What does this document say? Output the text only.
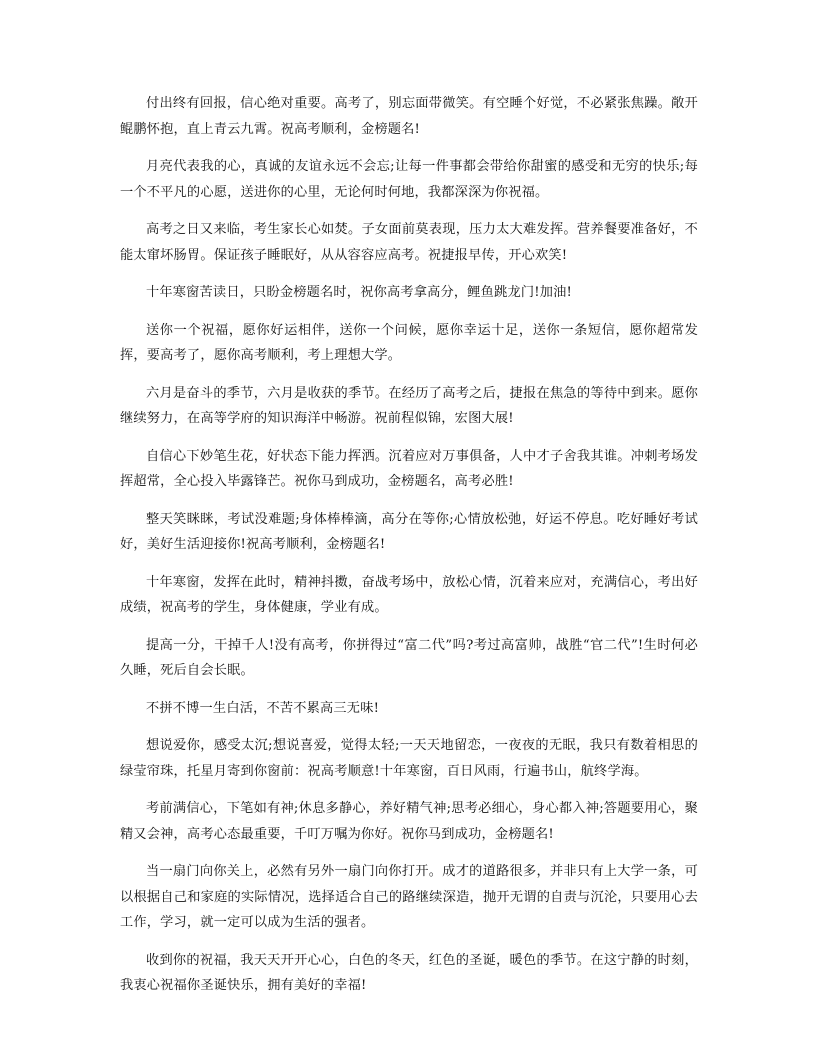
付出终有回报，信心绝对重要。高考了，别忘面带微笑。有空睡个好觉，不必紧张焦躁。敞开鲲鹏怀抱，直上青云九霄。祝高考顺利，金榜题名!

月亮代表我的心，真诚的友谊永远不会忘;让每一件事都会带给你甜蜜的感受和无穷的快乐;每一个不平凡的心愿，送进你的心里，无论何时何地，我都深深为你祝福。

高考之日又来临，考生家长心如焚。子女面前莫表现，压力太大难发挥。营养餐要准备好，不能太窜坏肠胃。保证孩子睡眠好，从从容容应高考。祝捷报早传，开心欢笑!

十年寒窗苦读日，只盼金榜题名时，祝你高考拿高分，鲤鱼跳龙门!加油!

送你一个祝福，愿你好运相伴，送你一个问候，愿你幸运十足，送你一条短信，愿你超常发挥，要高考了，愿你高考顺利，考上理想大学。

六月是奋斗的季节，六月是收获的季节。在经历了高考之后，捷报在焦急的等待中到来。愿你继续努力，在高等学府的知识海洋中畅游。祝前程似锦，宏图大展!

自信心下妙笔生花，好状态下能力挥洒。沉着应对万事俱备，人中才子舍我其谁。冲刺考场发挥超常，全心投入毕露锋芒。祝你马到成功，金榜题名，高考必胜!

整天笑眯眯，考试没难题;身体棒棒滴，高分在等你;心情放松弛，好运不停息。吃好睡好考试好，美好生活迎接你!祝高考顺利，金榜题名!

十年寒窗，发挥在此时，精神抖擞，奋战考场中，放松心情，沉着来应对，充满信心，考出好成绩，祝高考的学生，身体健康，学业有成。

提高一分，干掉千人!没有高考，你拼得过“富二代”吗?考过高富帅，战胜“官二代”!生时何必久睡，死后自会长眠。

不拼不博一生白活，不苦不累高三无味!

想说爱你，感受太沉;想说喜爱，觉得太轻;一天天地留恋，一夜夜的无眠，我只有数着相思的绿莹帘珠，托星月寄到你窗前：祝高考顺意!十年寒窗，百日风雨，行遍书山，航终学海。

考前满信心，下笔如有神;休息多静心，养好精气神;思考必细心，身心都入神;答题要用心，聚精又会神，高考心态最重要，千叮万嘱为你好。祝你马到成功，金榜题名!

当一扇门向你关上，必然有另外一扇门向你打开。成才的道路很多，并非只有上大学一条，可以根据自己和家庭的实际情况，选择适合自己的路继续深造，抛开无谓的自责与沉沦，只要用心去工作，学习，就一定可以成为生活的强者。

收到你的祝福，我天天开开心心，白色的冬天，红色的圣诞，暖色的季节。在这宁静的时刻，我衷心祝福你圣诞快乐，拥有美好的幸福!
